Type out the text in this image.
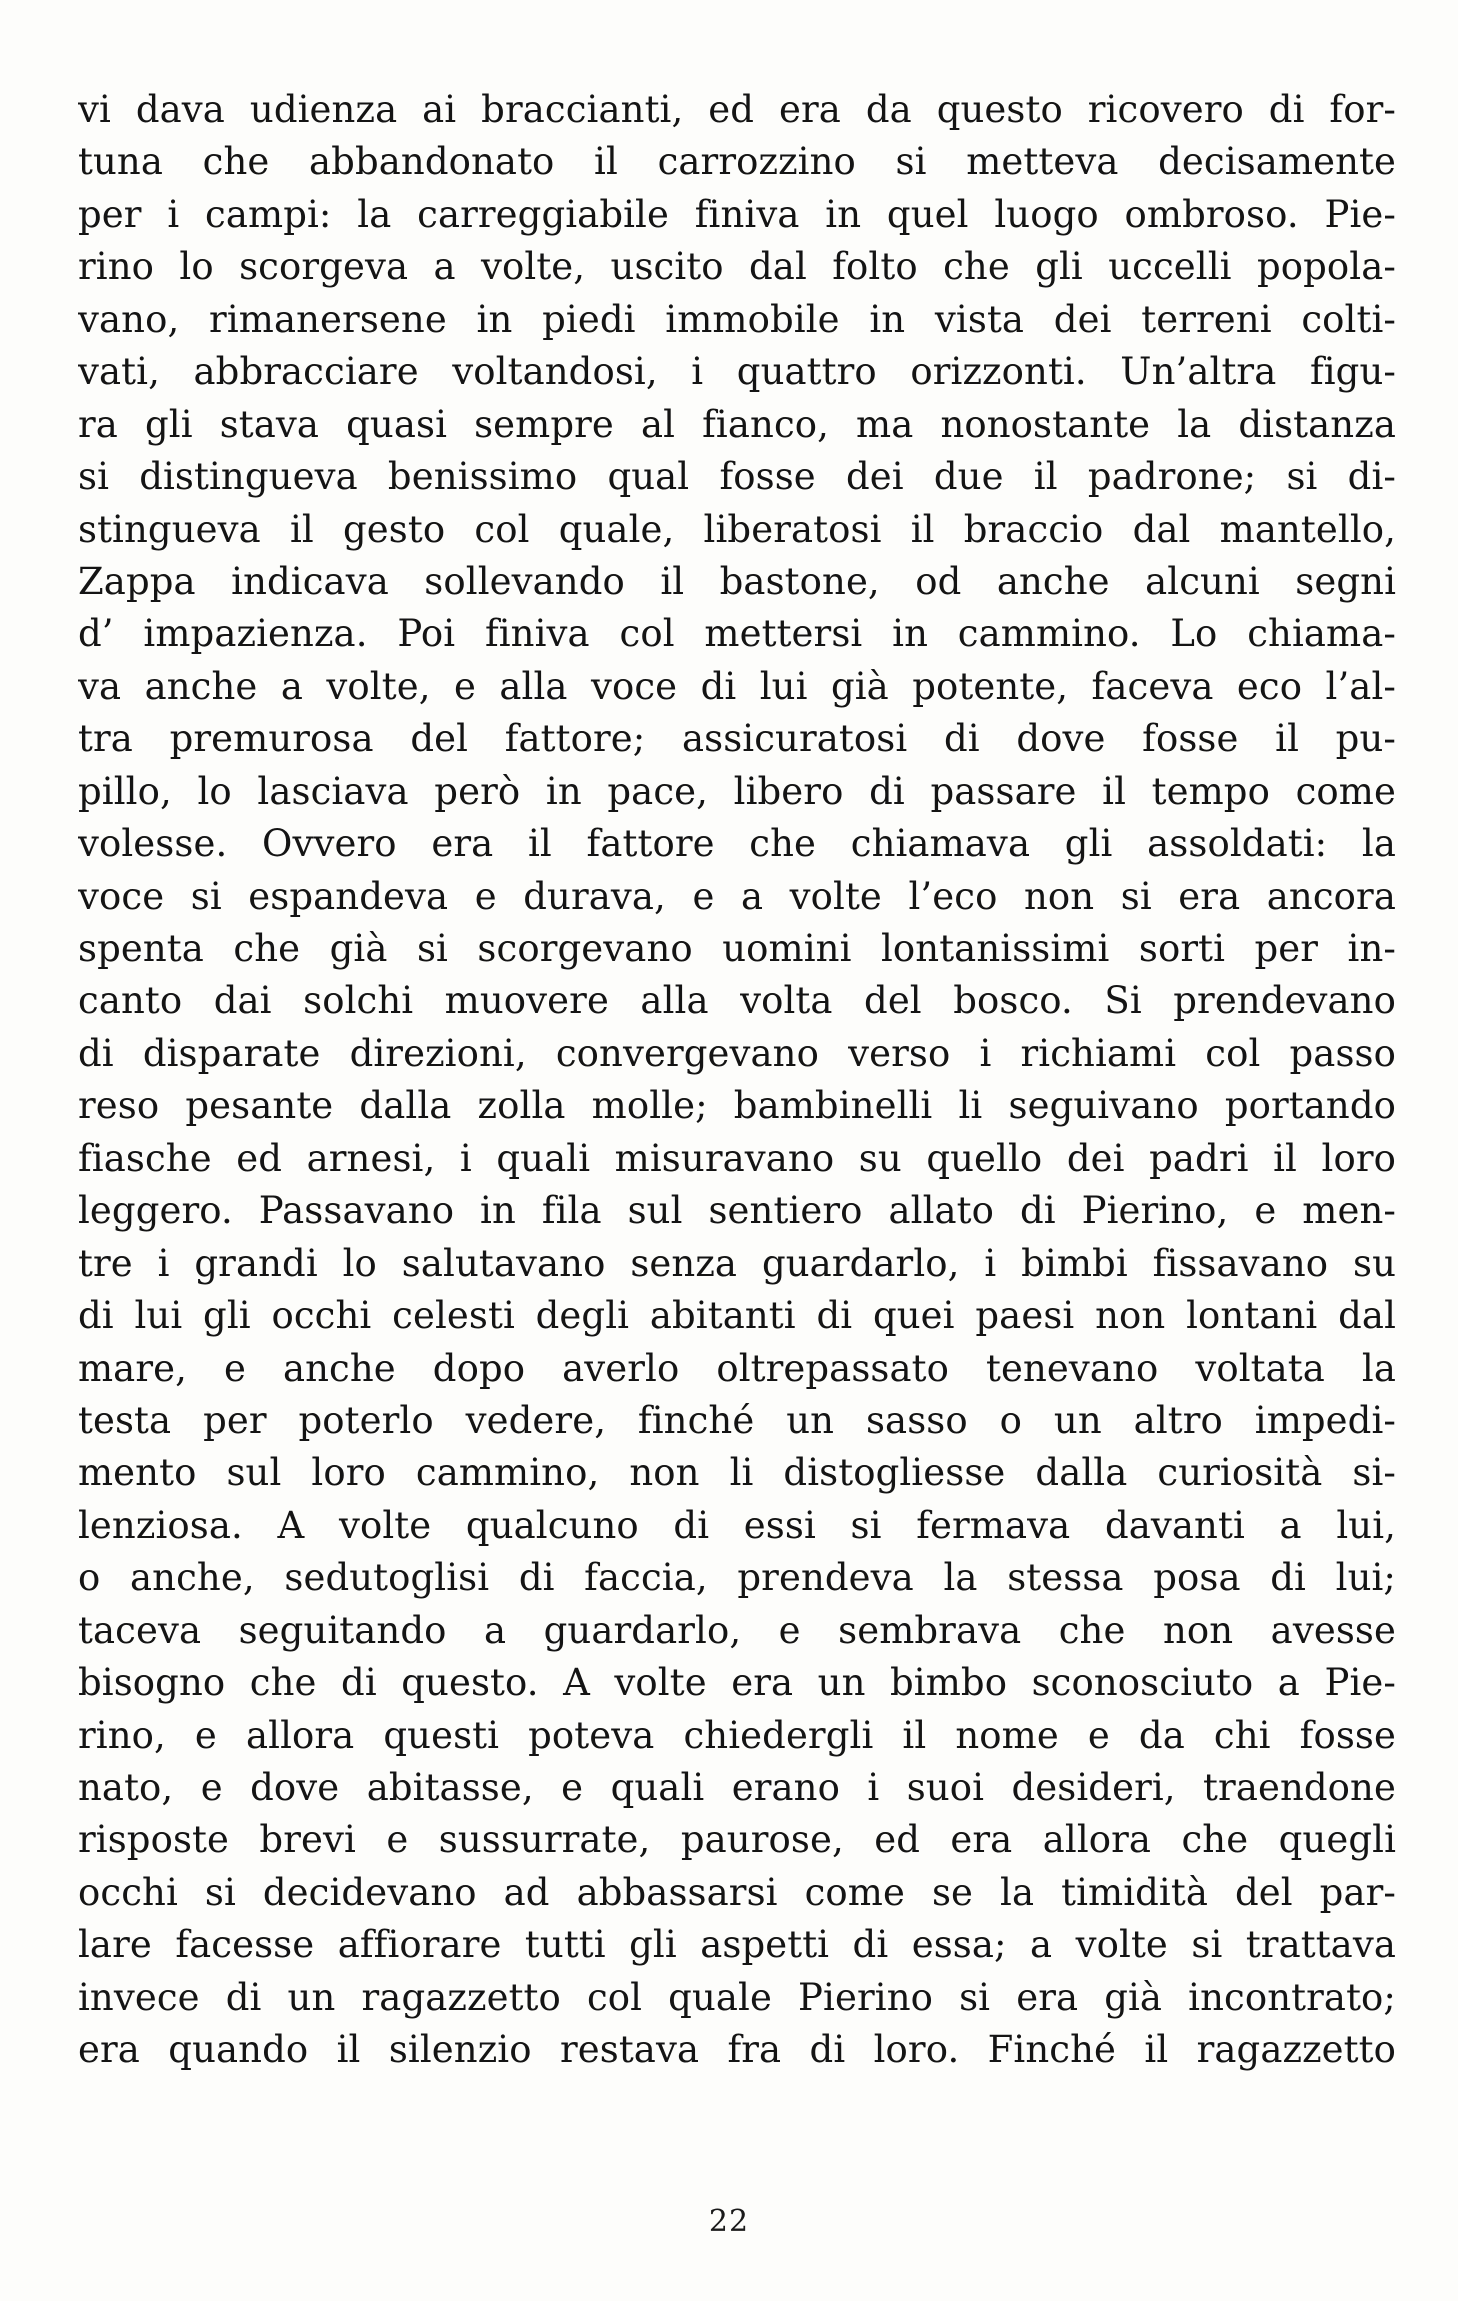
vi dava udienza ai braccianti, ed era da questo ricovero di for-
tuna che abbandonato il carrozzino si metteva decisamente
per i campi: la carreggiabile finiva in quel luogo ombroso. Pie-
rino lo scorgeva a volte, uscito dal folto che gli uccelli popola-
vano, rimanersene in piedi immobile in vista dei terreni colti-
vati, abbracciare voltandosi, i quattro orizzonti. Un’altra figu-
ra gli stava quasi sempre al fianco, ma nonostante la distanza
si distingueva benissimo qual fosse dei due il padrone; si di-
stingueva il gesto col quale, liberatosi il braccio dal mantello,
Zappa indicava sollevando il bastone, od anche alcuni segni
d’ impazienza. Poi finiva col mettersi in cammino. Lo chiama-
va anche a volte, e alla voce di lui già potente, faceva eco l’al-
tra premurosa del fattore; assicuratosi di dove fosse il pu-
pillo, lo lasciava però in pace, libero di passare il tempo come
volesse. Ovvero era il fattore che chiamava gli assoldati: la
voce si espandeva e durava, e a volte l’eco non si era ancora
spenta che già si scorgevano uomini lontanissimi sorti per in-
canto dai solchi muovere alla volta del bosco. Si prendevano
di disparate direzioni, convergevano verso i richiami col passo
reso pesante dalla zolla molle; bambinelli li seguivano portando
fiasche ed arnesi, i quali misuravano su quello dei padri il loro
leggero. Passavano in fila sul sentiero allato di Pierino, e men-
tre i grandi lo salutavano senza guardarlo, i bimbi fissavano su
di lui gli occhi celesti degli abitanti di quei paesi non lontani dal
mare, e anche dopo averlo oltrepassato tenevano voltata la
testa per poterlo vedere, finché un sasso o un altro impedi-
mento sul loro cammino, non li distogliesse dalla curiosità si-
lenziosa. A volte qualcuno di essi si fermava davanti a lui,
o anche, sedutoglisi di faccia, prendeva la stessa posa di lui;
taceva seguitando a guardarlo, e sembrava che non avesse
bisogno che di questo. A volte era un bimbo sconosciuto a Pie-
rino, e allora questi poteva chiedergli il nome e da chi fosse
nato, e dove abitasse, e quali erano i suoi desideri, traendone
risposte brevi e sussurrate, paurose, ed era allora che quegli
occhi si decidevano ad abbassarsi come se la timidità del par-
lare facesse affiorare tutti gli aspetti di essa; a volte si trattava
invece di un ragazzetto col quale Pierino si era già incontrato;
era quando il silenzio restava fra di loro. Finché il ragazzetto
22
